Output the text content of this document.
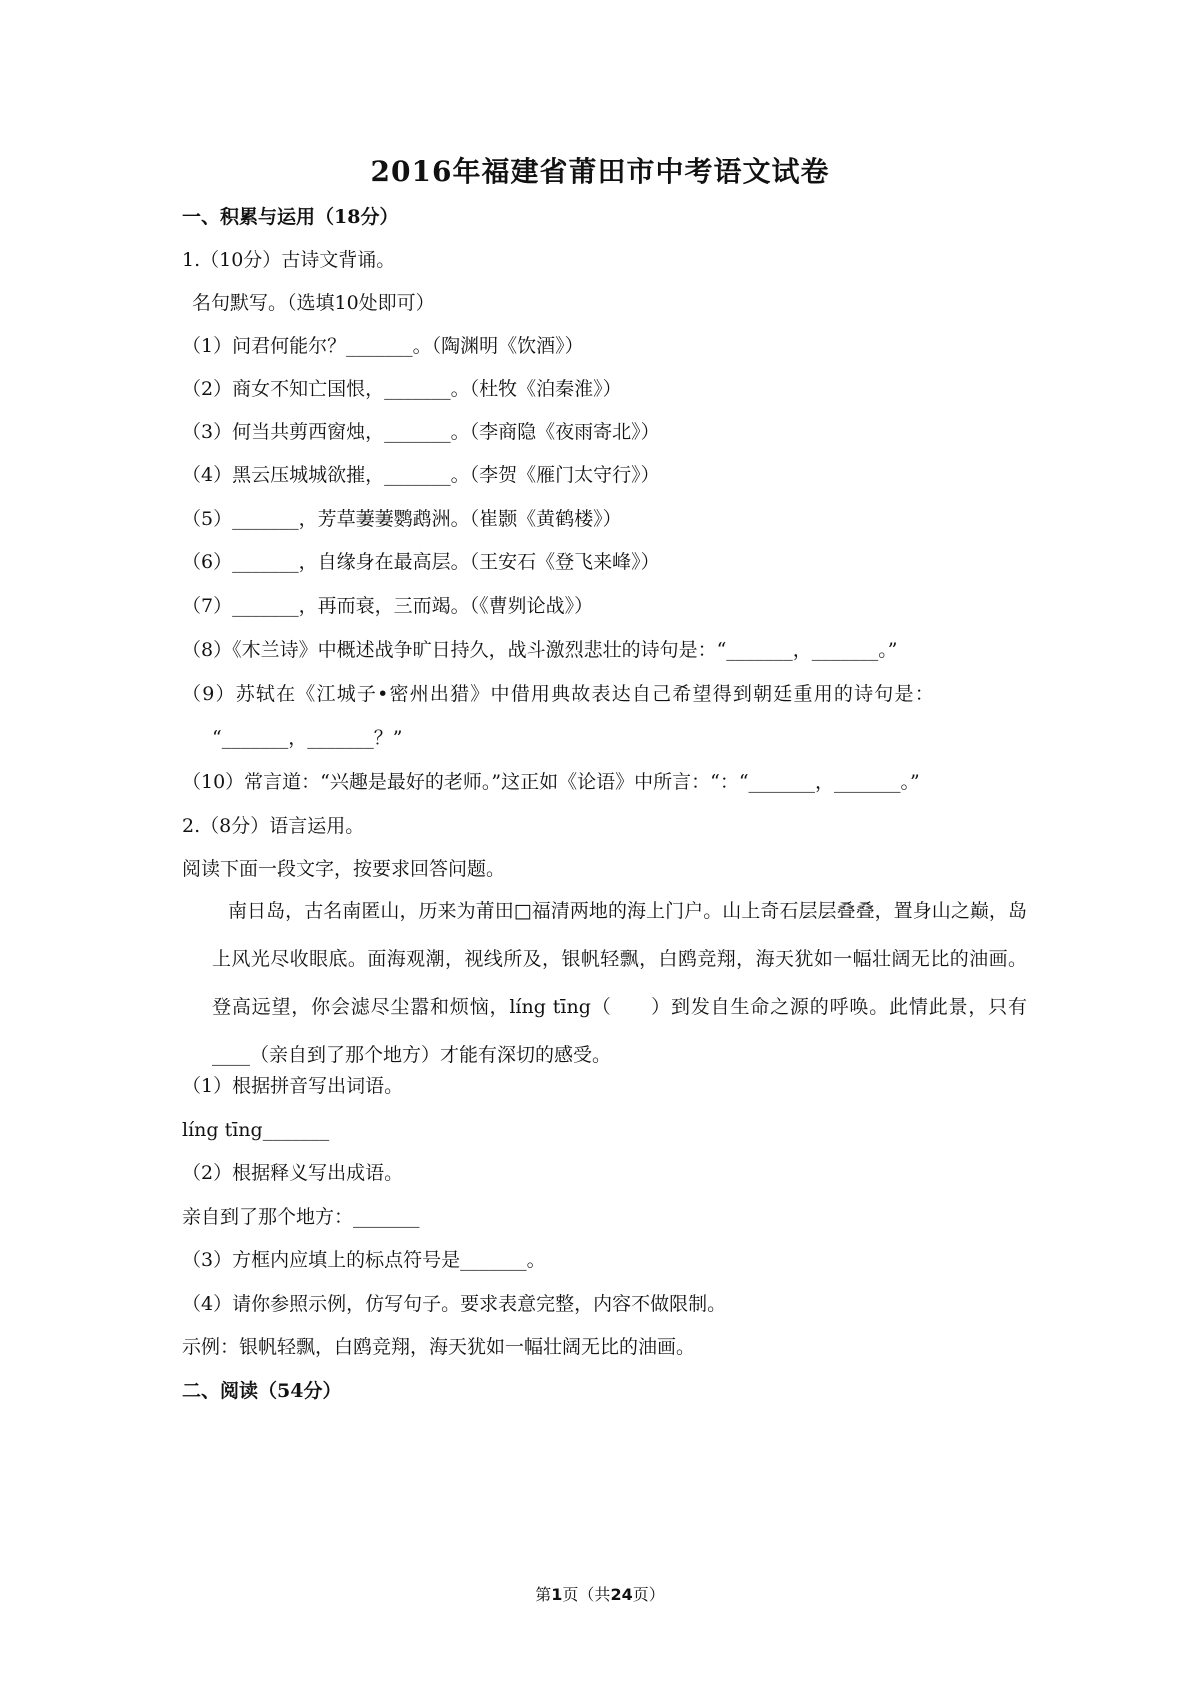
2016年福建省莆田市中考语文试卷
一、积累与运用（18分）
1.（10分）古诗文背诵。
名句默写。（选填10处即可）
（1）问君何能尔？_______。（陶渊明《饮酒》）
（2）商女不知亡国恨，_______。（杜牧《泊秦淮》）
（3）何当共剪西窗烛，_______。（李商隐《夜雨寄北》）
（4）黑云压城城欲摧，_______。（李贺《雁门太守行》）
（5）_______，芳草萋萋鹦鹉洲。（崔颢《黄鹤楼》）
（6）_______，自缘身在最高层。（王安石《登飞来峰》）
（7）_______，再而衰，三而竭。（《曹刿论战》）
（8）《木兰诗》中概述战争旷日持久，战斗激烈悲壮的诗句是：“_______，_______。”
（9）苏轼在《江城子•密州出猎》中借用典故表达自己希望得到朝廷重用的诗句是：
“_______，_______？”
（10）常言道：“兴趣是最好的老师。”这正如《论语》中所言：“：“_______，_______。”
2.（8分）语言运用。
阅读下面一段文字，按要求回答问题。
南日岛，古名南匿山，历来为莆田□福清两地的海上门户。山上奇石层层叠叠，置身山之巅，岛上风光尽收眼底。面海观潮，视线所及，银帆轻飘，白鸥竞翔，海天犹如一幅壮阔无比的油画。登高远望，你会滤尽尘嚣和烦恼，líng tīng（　　）到发自生命之源的呼唤。此情此景，只有____（亲自到了那个地方）才能有深切的感受。
（1）根据拼音写出词语。
líng tīng_______
（2）根据释义写出成语。
亲自到了那个地方：_______
（3）方框内应填上的标点符号是_______。
（4）请你参照示例，仿写句子。要求表意完整，内容不做限制。
示例：银帆轻飘，白鸥竞翔，海天犹如一幅壮阔无比的油画。
二、阅读（54分）
第1页（共24页）
